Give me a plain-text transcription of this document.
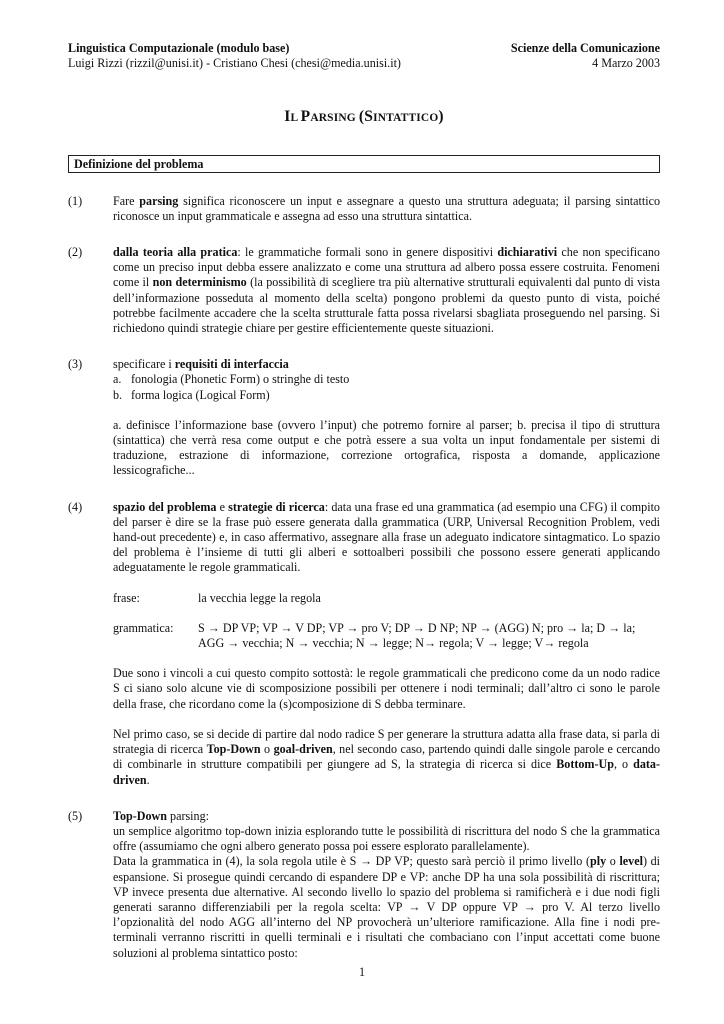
Linguistica Computazionale (modulo base)	Scienze della Comunicazione
Luigi Rizzi (rizzil@unisi.it) - Cristiano Chesi (chesi@media.unisi.it)	4 Marzo 2003
IL PARSING (SINTATTICO)
Definizione del problema
(1)	Fare parsing significa riconoscere un input e assegnare a questo una struttura adeguata; il parsing sintattico riconosce un input grammaticale e assegna ad esso una struttura sintattica.
(2)	dalla teoria alla pratica: le grammatiche formali sono in genere dispositivi dichiarativi che non specificano come un preciso input debba essere analizzato e come una struttura ad albero possa essere costruita. Fenomeni come il non determinismo (la possibilità di scegliere tra più alternative strutturali equivalenti dal punto di vista dell’informazione posseduta al momento della scelta) pongono problemi da questo punto di vista, poiché potrebbe facilmente accadere che la scelta strutturale fatta possa rivelarsi sbagliata proseguendo nel parsing. Si richiedono quindi strategie chiare per gestire efficientemente queste situazioni.
(3)	specificare i requisiti di interfaccia
a. fonologia (Phonetic Form) o stringhe di testo
b. forma logica (Logical Form)
a. definisce l’informazione base (ovvero l’input) che potremo fornire al parser; b. precisa il tipo di struttura (sintattica) che verrà resa come output e che potrà essere a sua volta un input fondamentale per sistemi di traduzione, estrazione di informazione, correzione ortografica, risposta a domande, applicazione lessicografiche...
(4)	spazio del problema e strategie di ricerca: data una frase ed una grammatica (ad esempio una CFG) il compito del parser è dire se la frase può essere generata dalla grammatica (URP, Universal Recognition Problem, vedi hand-out precedente) e, in caso affermativo, assegnare alla frase un adeguato indicatore sintagmatico. Lo spazio del problema è l’insieme di tutti gli alberi e sottoalberi possibili che possono essere generati applicando adeguatamente le regole grammaticali.
frase:	la vecchia legge la regola
grammatica:	S → DP VP; VP → V DP; VP → pro V; DP → D NP; NP → (AGG) N; pro → la; D → la; AGG → vecchia; N → vecchia; N → legge; N→ regola; V → legge; V→ regola
Due sono i vincoli a cui questo compito sottostà: le regole grammaticali che predicono come da un nodo radice S ci siano solo alcune vie di scomposizione possibili per ottenere i nodi terminali; dall’altro ci sono le parole della frase, che ricordano come la (s)composizione di S debba terminare.
Nel primo caso, se si decide di partire dal nodo radice S per generare la struttura adatta alla frase data, si parla di strategia di ricerca Top-Down o goal-driven, nel secondo caso, partendo quindi dalle singole parole e cercando di combinarle in strutture compatibili per giungere ad S, la strategia di ricerca si dice Bottom-Up, o data-driven.
(5)	Top-Down parsing:
un semplice algoritmo top-down inizia esplorando tutte le possibilità di riscrittura del nodo S che la grammatica offre (assumiamo che ogni albero generato possa poi essere esplorato parallelamente).
Data la grammatica in (4), la sola regola utile è S → DP VP; questo sarà perciò il primo livello (ply o level) di espansione. Si prosegue quindi cercando di espandere DP e VP: anche DP ha una sola possibilità di riscrittura; VP invece presenta due alternative. Al secondo livello lo spazio del problema si ramificherà e i due nodi figli generati saranno differenziabili per la regola scelta: VP → V DP oppure VP → pro V. Al terzo livello l’opzionalità del nodo AGG all’interno del NP provocherà un’ulteriore ramificazione. Alla fine i nodi pre-terminali verranno riscritti in quelli terminali e i risultati che combaciano con l’input accettati come buone soluzioni al problema sintattico posto:
1
